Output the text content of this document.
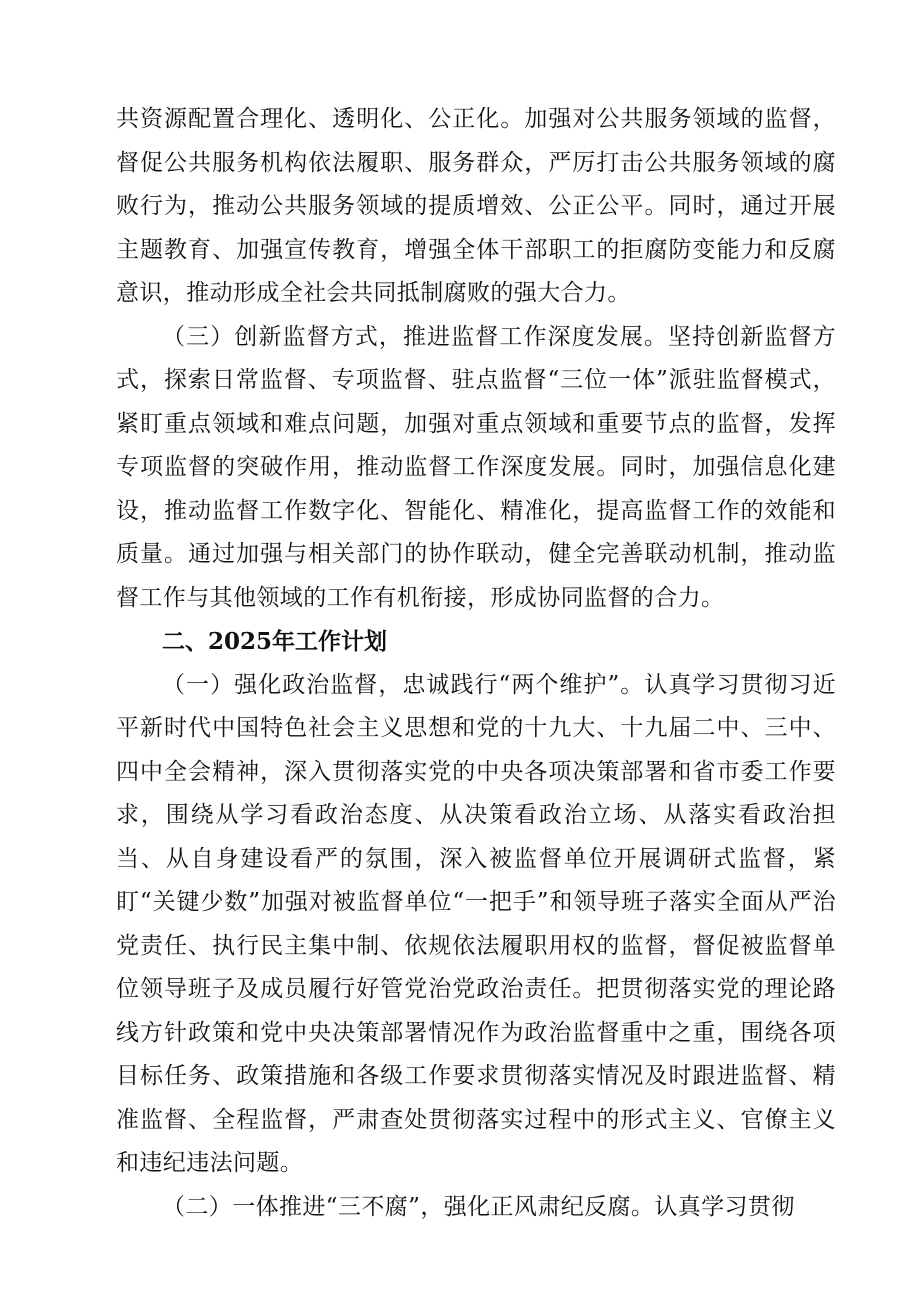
共资源配置合理化、透明化、公正化。加强对公共服务领域的监督，督促公共服务机构依法履职、服务群众，严厉打击公共服务领域的腐败行为，推动公共服务领域的提质增效、公正公平。同时，通过开展主题教育、加强宣传教育，增强全体干部职工的拒腐防变能力和反腐意识，推动形成全社会共同抵制腐败的强大合力。

（三）创新监督方式，推进监督工作深度发展。坚持创新监督方式，探索日常监督、专项监督、驻点监督“三位一体”派驻监督模式，紧盯重点领域和难点问题，加强对重点领域和重要节点的监督，发挥专项监督的突破作用，推动监督工作深度发展。同时，加强信息化建设，推动监督工作数字化、智能化、精准化，提高监督工作的效能和质量。通过加强与相关部门的协作联动，健全完善联动机制，推动监督工作与其他领域的工作有机衔接，形成协同监督的合力。

二、2025年工作计划

（一）强化政治监督，忠诚践行“两个维护”。认真学习贯彻习近平新时代中国特色社会主义思想和党的十九大、十九届二中、三中、四中全会精神，深入贯彻落实党的中央各项决策部署和省市委工作要求，围绕从学习看政治态度、从决策看政治立场、从落实看政治担当、从自身建设看严的氛围，深入被监督单位开展调研式监督，紧盯“关键少数”加强对被监督单位“一把手”和领导班子落实全面从严治党责任、执行民主集中制、依规依法履职用权的监督，督促被监督单位领导班子及成员履行好管党治党政治责任。把贯彻落实党的理论路线方针政策和党中央决策部署情况作为政治监督重中之重，围绕各项目标任务、政策措施和各级工作要求贯彻落实情况及时跟进监督、精准监督、全程监督，严肃查处贯彻落实过程中的形式主义、官僚主义和违纪违法问题。

（二）一体推进“三不腐”，强化正风肃纪反腐。认真学习贯彻
